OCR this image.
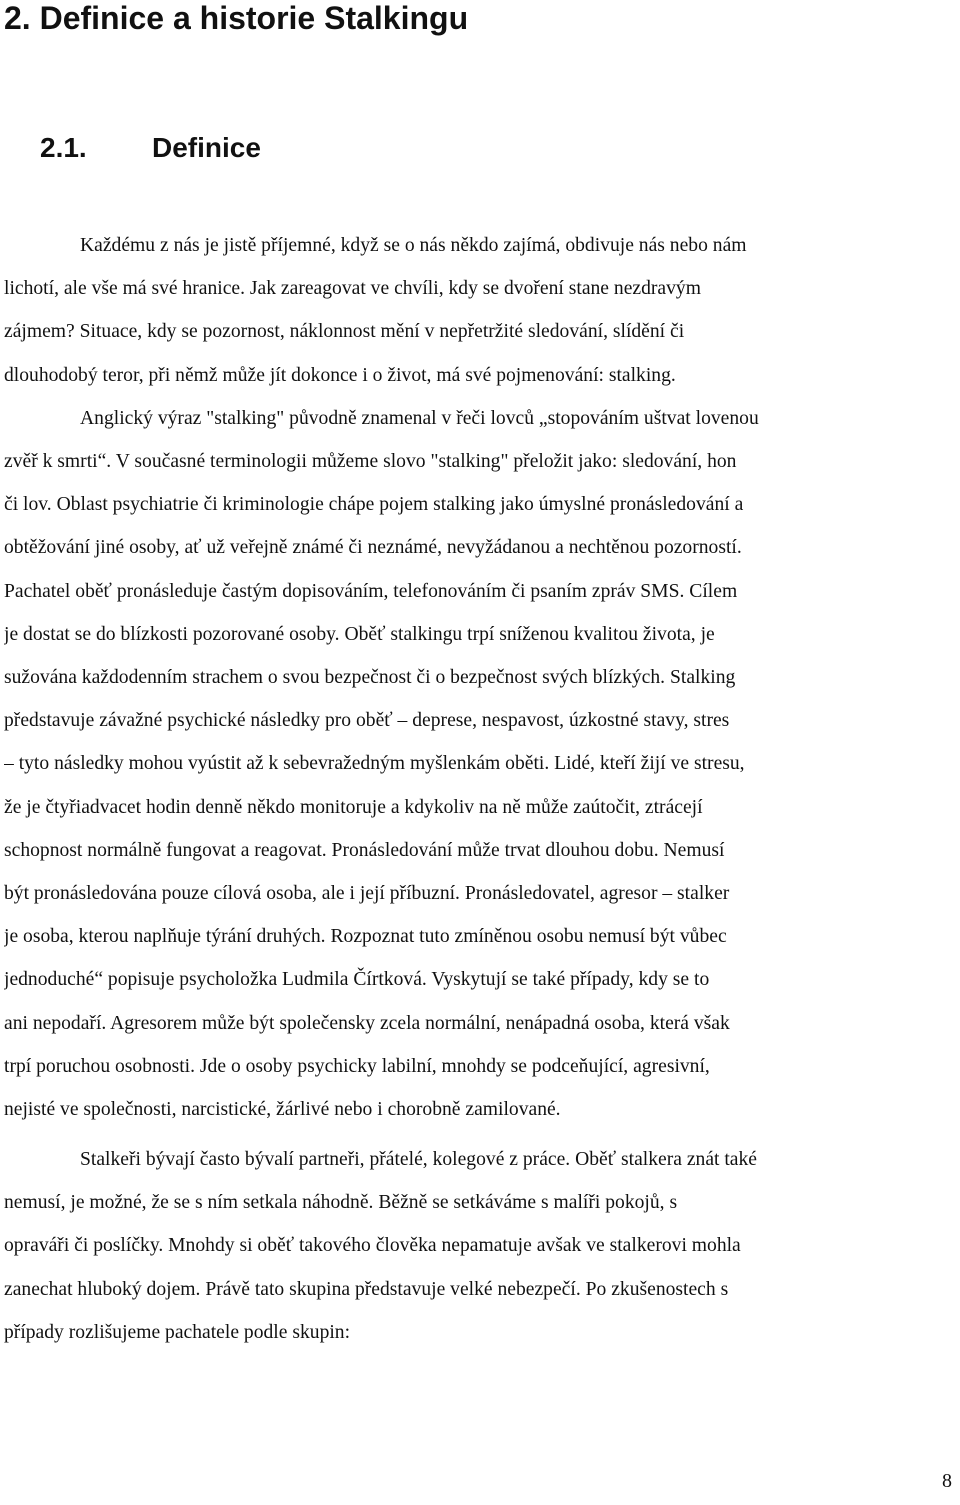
2. Definice a historie Stalkingu
2.1. Definice
Každému z nás je jistě příjemné, když se o nás někdo zajímá, obdivuje nás nebo nám
lichotí, ale vše má své hranice. Jak zareagovat ve chvíli, kdy se dvoření stane nezdravým
zájmem? Situace, kdy se pozornost, náklonnost mění v nepřetržité sledování, slídění či
dlouhodobý teror, při němž může jít dokonce i o život, má své pojmenování: stalking.
Anglický výraz "stalking" původně znamenal v řeči lovců „stopováním uštvat lovenou
zvěř k smrti“. V současné terminologii můžeme slovo "stalking" přeložit jako: sledování, hon
či lov. Oblast psychiatrie či kriminologie chápe pojem stalking jako úmyslné pronásledování a
obtěžování jiné osoby, ať už veřejně známé či neznámé, nevyžádanou a nechtěnou pozorností.
Pachatel oběť pronásleduje častým dopisováním, telefonováním či psaním zpráv SMS. Cílem
je dostat se do blízkosti pozorované osoby. Oběť stalkingu trpí sníženou kvalitou života, je
sužována každodenním strachem o svou bezpečnost či o bezpečnost svých blízkých. Stalking
představuje závažné psychické následky pro oběť – deprese, nespavost, úzkostné stavy, stres
– tyto následky mohou vyústit až k sebevražedným myšlenkám oběti. Lidé, kteří žijí ve stresu,
že je čtyřiadvacet hodin denně někdo monitoruje a kdykoliv na ně může zaútočit, ztrácejí
schopnost normálně fungovat a reagovat. Pronásledování může trvat dlouhou dobu. Nemusí
být pronásledována pouze cílová osoba, ale i její příbuzní. Pronásledovatel, agresor – stalker
je osoba, kterou naplňuje týrání druhých. Rozpoznat tuto zmíněnou osobu nemusí být vůbec
jednoduché“ popisuje psycholožka Ludmila Čírtková. Vyskytují se také případy, kdy se to
ani nepodaří. Agresorem může být společensky zcela normální, nenápadná osoba, která však
trpí poruchou osobnosti. Jde o osoby psychicky labilní, mnohdy se podceňující, agresivní,
nejisté ve společnosti, narcistické, žárlivé nebo i chorobně zamilované.
Stalkeři bývají často bývalí partneři, přátelé, kolegové z práce. Oběť stalkera znát také
nemusí, je možné, že se s ním setkala náhodně. Běžně se setkáváme s malíři pokojů, s
opraváři či poslíčky. Mnohdy si oběť takového člověka nepamatuje avšak ve stalkerovi mohla
zanechat hluboký dojem. Právě tato skupina představuje velké nebezpečí. Po zkušenostech s
případy rozlišujeme pachatele podle skupin:
8
